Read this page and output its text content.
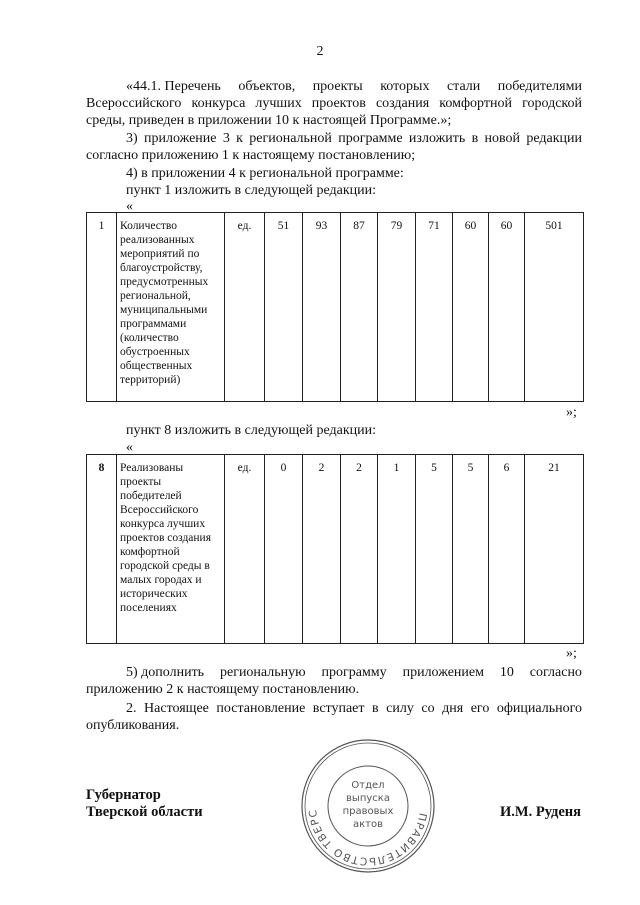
2
«44.1. Перечень объектов, проекты которых стали победителями
Всероссийского конкурса лучших проектов создания комфортной городской
среды, приведен в приложении 10 к настоящей Программе.»;
3) приложение 3 к региональной программе изложить в новой редакции
согласно приложению 1 к настоящему постановлению;
4) в приложении 4 к региональной программе:
пункт 1 изложить в следующей редакции:
«
1	Количество реализованных мероприятий по благоустройству, предусмотренных региональной, муниципальными программами (количество обустроенных общественных территорий)	ед.	51	93	87	79	71	60	60	501
»;
пункт 8 изложить в следующей редакции:
«
8	Реализованы проекты победителей Всероссийского конкурса лучших проектов создания комфортной городской среды в малых городах и исторических поселениях	ед.	0	2	2	1	5	5	6	21
»;
5) дополнить региональную программу приложением 10 согласно
приложению 2 к настоящему постановлению.
2. Настоящее постановление вступает в силу со дня его официального
опубликования.
Губернатор
Тверской области	И.М. Руденя
ПРАВИТЕЛЬСТВО ТВЕРС
Отдел
выпуска
правовых
актов
